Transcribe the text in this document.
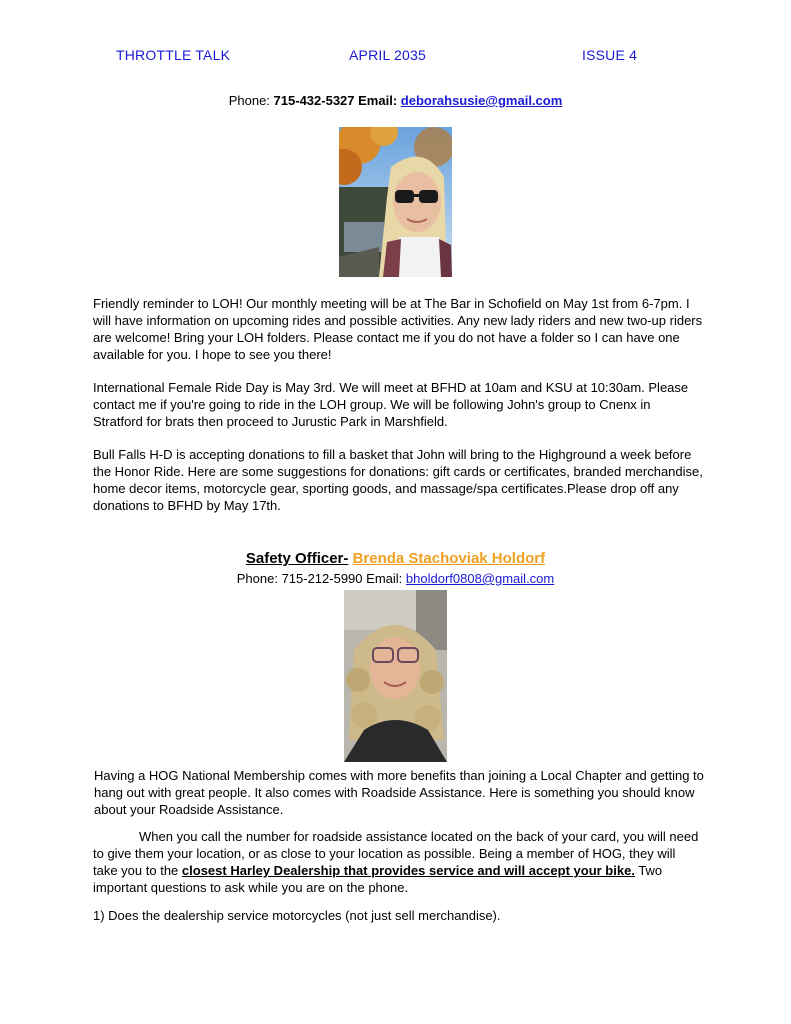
THROTTLE TALK	APRIL 2035	ISSUE 4
Phone: 715-432-5327 Email: deborahsusie@gmail.com

Friendly reminder to LOH! Our monthly meeting will be at The Bar in Schofield on May 1st from 6-7pm. I will have information on upcoming rides and possible activities. Any new lady riders and new two-up riders are welcome! Bring your LOH folders. Please contact me if you do not have a folder so I can have one available for you. I hope to see you there!

International Female Ride Day is May 3rd. We will meet at BFHD at 10am and KSU at 10:30am. Please contact me if you're going to ride in the LOH group. We will be following John's group to Cnenx in Stratford for brats then proceed to Jurustic Park in Marshfield.

Bull Falls H-D is accepting donations to fill a basket that John will bring to the Highground a week before the Honor Ride. Here are some suggestions for donations: gift cards or certificates, branded merchandise, home decor items, motorcycle gear, sporting goods, and massage/spa certificates.Please drop off any donations to BFHD by May 17th.

Safety Officer- Brenda Stachoviak Holdorf
Phone: 715-212-5990 Email: bholdorf0808@gmail.com

Having a HOG National Membership comes with more benefits than joining a Local Chapter and getting to hang out with great people. It also comes with Roadside Assistance. Here is something you should know about your Roadside Assistance.

When you call the number for roadside assistance located on the back of your card, you will need to give them your location, or as close to your location as possible. Being a member of HOG, they will take you to the closest Harley Dealership that provides service and will accept your bike. Two important questions to ask while you are on the phone.

1) Does the dealership service motorcycles (not just sell merchandise).
